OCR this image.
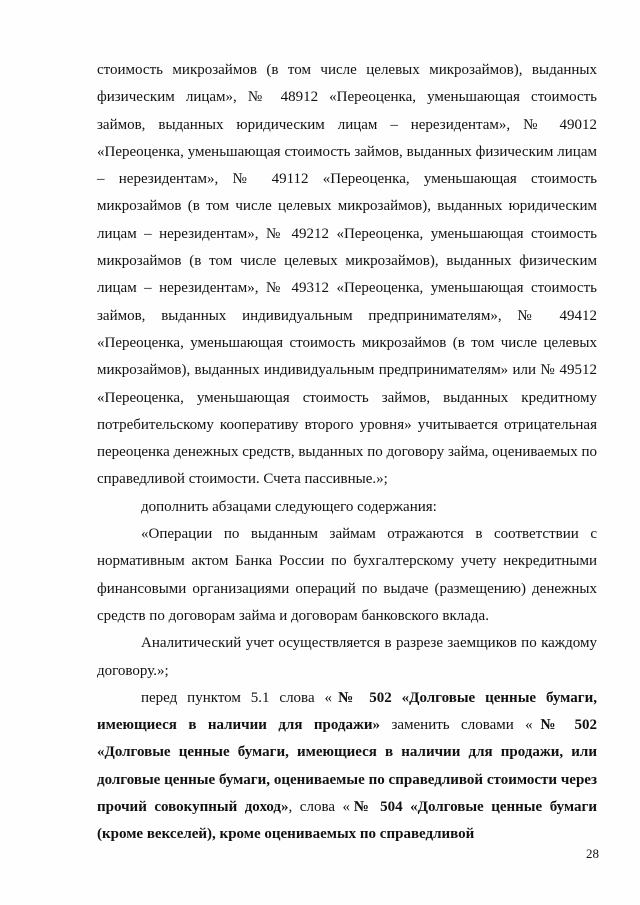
стоимость микрозаймов (в том числе целевых микрозаймов), выданных физическим лицам», № 48912 «Переоценка, уменьшающая стоимость займов, выданных юридическим лицам – нерезидентам», № 49012 «Переоценка, уменьшающая стоимость займов, выданных физическим лицам – нерезидентам», № 49112 «Переоценка, уменьшающая стоимость микрозаймов (в том числе целевых микрозаймов), выданных юридическим лицам – нерезидентам», № 49212 «Переоценка, уменьшающая стоимость микрозаймов (в том числе целевых микрозаймов), выданных физическим лицам – нерезидентам», № 49312 «Переоценка, уменьшающая стоимость займов, выданных индивидуальным предпринимателям», № 49412 «Переоценка, уменьшающая стоимость микрозаймов (в том числе целевых микрозаймов), выданных индивидуальным предпринимателям» или № 49512 «Переоценка, уменьшающая стоимость займов, выданных кредитному потребительскому кооперативу второго уровня» учитывается отрицательная переоценка денежных средств, выданных по договору займа, оцениваемых по справедливой стоимости. Счета пассивные.»;

дополнить абзацами следующего содержания:

«Операции по выданным займам отражаются в соответствии с нормативным актом Банка России по бухгалтерскому учету некредитными финансовыми организациями операций по выдаче (размещению) денежных средств по договорам займа и договорам банковского вклада.

Аналитический учет осуществляется в разрезе заемщиков по каждому договору.»;

перед пунктом 5.1 слова «№ 502 «Долговые ценные бумаги, имеющиеся в наличии для продажи» заменить словами «№ 502 «Долговые ценные бумаги, имеющиеся в наличии для продажи, или долговые ценные бумаги, оцениваемые по справедливой стоимости через прочий совокупный доход», слова «№ 504 «Долговые ценные бумаги (кроме векселей), кроме оцениваемых по справедливой

28
